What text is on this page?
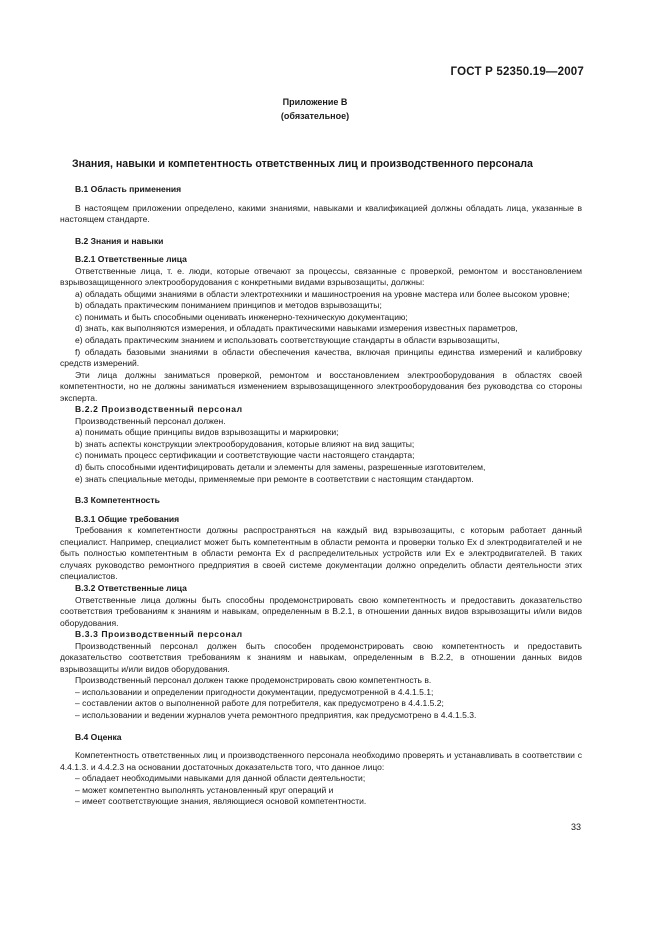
ГОСТ Р 52350.19—2007
Приложение B
(обязательное)
Знания, навыки и компетентность ответственных лиц и производственного персонала

B.1 Область применения

В настоящем приложении определено, какими знаниями, навыками и квалификацией должны обладать лица, указанные в настоящем стандарте.

B.2 Знания и навыки

B.2.1 Ответственные лица

Ответственные лица, т. е. люди, которые отвечают за процессы, связанные с проверкой, ремонтом и восстановлением взрывозащищенного электрооборудования с конкретными видами взрывозащиты, должны:

a) обладать общими знаниями в области электротехники и машиностроения на уровне мастера или более высоком уровне;

b) обладать практическим пониманием принципов и методов взрывозащиты;

c) понимать и быть способными оценивать инженерно-техническую документацию;

d) знать, как выполняются измерения, и обладать практическими навыками измерения известных параметров,

e) обладать практическим знанием и использовать соответствующие стандарты в области взрывозащиты,

f) обладать базовыми знаниями в области обеспечения качества, включая принципы единства измерений и калибровку средств измерений.

Эти лица должны заниматься проверкой, ремонтом и восстановлением электрооборудования в областях своей компетентности, но не должны заниматься изменением взрывозащищенного электрооборудования без руководства со стороны эксперта.

B.2.2 Производственный персонал

Производственный персонал должен.

a) понимать общие принципы видов взрывозащиты и маркировки;

b) знать аспекты конструкции электрооборудования, которые влияют на вид защиты;

c) понимать процесс сертификации и соответствующие части настоящего стандарта;

d) быть способными идентифицировать детали и элементы для замены, разрешенные изготовителем,

e) знать специальные методы, применяемые при ремонте в соответствии с настоящим стандартом.

B.3 Компетентность

B.3.1 Общие требования

Требования к компетентности должны распространяться на каждый вид взрывозащиты, с которым работает данный специалист. Например, специалист может быть компетентным в области ремонта и проверки только Ex d электродвигателей и не быть полностью компетентным в области ремонта Ex d распределительных устройств или Ex e электродвигателей. В таких случаях руководство ремонтного предприятия в своей системе документации должно определить области деятельности этих специалистов.

B.3.2 Ответственные лица

Ответственные лица должны быть способны продемонстрировать свою компетентность и предоставить доказательство соответствия требованиям к знаниям и навыкам, определенным в B.2.1, в отношении данных видов взрывозащиты и/или видов оборудования.

B.3.3 Производственный персонал

Производственный персонал должен быть способен продемонстрировать свою компетентность и предоставить доказательство соответствия требованиям к знаниям и навыкам, определенным в B.2.2, в отношении данных видов взрывозащиты и/или видов оборудования.

Производственный персонал должен также продемонстрировать свою компетентность в.

– использовании и определении пригодности документации, предусмотренной в 4.4.1.5.1;

– составлении актов о выполненной работе для потребителя, как предусмотрено в 4.4.1.5.2;

– использовании и ведении журналов учета ремонтного предприятия, как предусмотрено в 4.4.1.5.3.

B.4 Оценка

Компетентность ответственных лиц и производственного персонала необходимо проверять и устанавливать в соответствии с 4.4.1.3. и 4.4.2.3 на основании достаточных доказательств того, что данное лицо:

– обладает необходимыми навыками для данной области деятельности;

– может компетентно выполнять установленный круг операций и

– имеет соответствующие знания, являющиеся основой компетентности.

33
